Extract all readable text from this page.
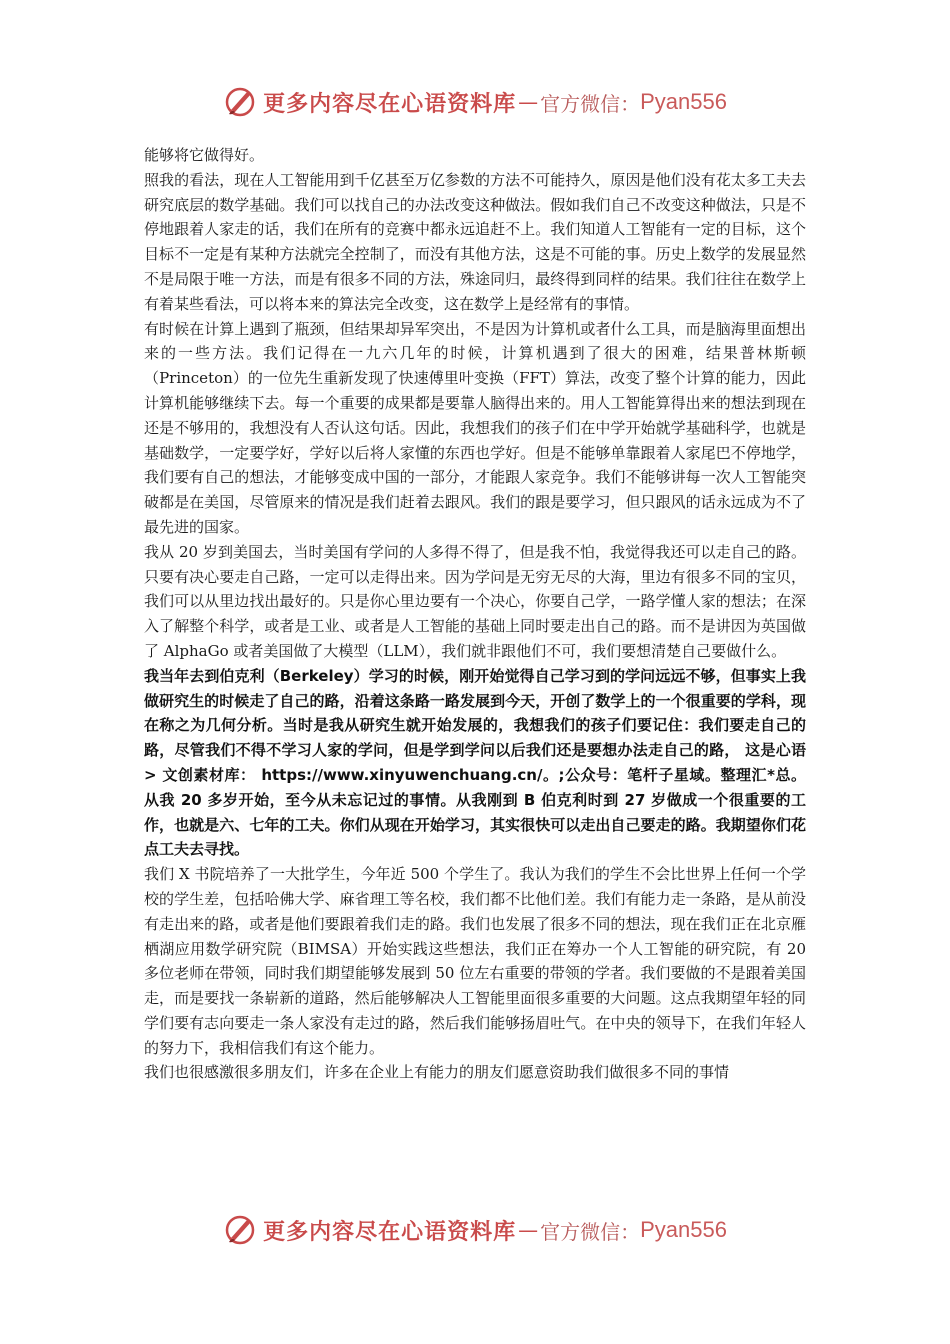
更多内容尽在心语资料库 — 官方微信： Pyan556

能够将它做得好。

照我的看法，现在人工智能用到千亿甚至万亿参数的方法不可能持久，原因是他们没有花太多工夫去研究底层的数学基础。我们可以找自己的办法改变这种做法。假如我们自己不改变这种做法，只是不停地跟着人家走的话，我们在所有的竞赛中都永远追赶不上。我们知道人工智能有一定的目标，这个目标不一定是有某种方法就完全控制了，而没有其他方法，这是不可能的事。历史上数学的发展显然不是局限于唯一方法，而是有很多不同的方法，殊途同归，最终得到同样的结果。我们往往在数学上有着某些看法，可以将本来的算法完全改变，这在数学上是经常有的事情。

有时候在计算上遇到了瓶颈，但结果却异军突出，不是因为计算机或者什么工具，而是脑海里面想出来的一些方法。我们记得在一九六几年的时候，计算机遇到了很大的困难，结果普林斯顿（Princeton）的一位先生重新发现了快速傅里叶变换（FFT）算法，改变了整个计算的能力，因此计算机能够继续下去。每一个重要的成果都是要靠人脑得出来的。用人工智能算得出来的想法到现在还是不够用的，我想没有人否认这句话。因此，我想我们的孩子们在中学开始就学基础科学，也就是基础数学，一定要学好，学好以后将人家懂的东西也学好。但是不能够单靠跟着人家尾巴不停地学，我们要有自己的想法，才能够变成中国的一部分，才能跟人家竞争。我们不能够讲每一次人工智能突破都是在美国，尽管原来的情况是我们赶着去跟风。我们的跟是要学习，但只跟风的话永远成为不了最先进的国家。

我从 20 岁到美国去，当时美国有学问的人多得不得了，但是我不怕，我觉得我还可以走自己的路。只要有决心要走自己路，一定可以走得出来。因为学问是无穷无尽的大海，里边有很多不同的宝贝，我们可以从里边找出最好的。只是你心里边要有一个决心，你要自己学，一路学懂人家的想法；在深入了解整个科学，或者是工业、或者是人工智能的基础上同时要走出自己的路。而不是讲因为英国做了 AlphaGo 或者美国做了大模型（LLM），我们就非跟他们不可，我们要想清楚自己要做什么。

我当年去到伯克利（Berkeley）学习的时候，刚开始觉得自己学习到的学问远远不够，但事实上我做研究生的时候走了自己的路，沿着这条路一路发展到今天，开创了数学上的一个很重要的学科，现在称之为几何分析。当时是我从研究生就开始发展的，我想我们的孩子们要记住：我们要走自己的路，尽管我们不得不学习人家的学问，但是学到学问以后我们还是要想办法走自己的路， 这是心语 > 文创素材库： https://www.xinyuwenchuang.cn/。;公众号：笔杆子星域。整理汇*总。从我 20 多岁开始，至今从未忘记过的事情。从我刚到 B 伯克利时到 27 岁做成一个很重要的工作，也就是六、七年的工夫。你们从现在开始学习，其实很快可以走出自己要走的路。我期望你们花点工夫去寻找。

我们 X 书院培养了一大批学生，今年近 500 个学生了。我认为我们的学生不会比世界上任何一个学校的学生差，包括哈佛大学、麻省理工等名校，我们都不比他们差。我们有能力走一条路，是从前没有走出来的路，或者是他们要跟着我们走的路。我们也发展了很多不同的想法，现在我们正在北京雁栖湖应用数学研究院（BIMSA）开始实践这些想法，我们正在筹办一个人工智能的研究院，有 20 多位老师在带领，同时我们期望能够发展到 50 位左右重要的带领的学者。我们要做的不是跟着美国走，而是要找一条崭新的道路，然后能够解决人工智能里面很多重要的大问题。这点我期望年轻的同学们要有志向要走一条人家没有走过的路，然后我们能够扬眉吐气。在中央的领导下，在我们年轻人的努力下，我相信我们有这个能力。

我们也很感激很多朋友们，许多在企业上有能力的朋友们愿意资助我们做很多不同的事情

更多内容尽在心语资料库 — 官方微信： Pyan556
